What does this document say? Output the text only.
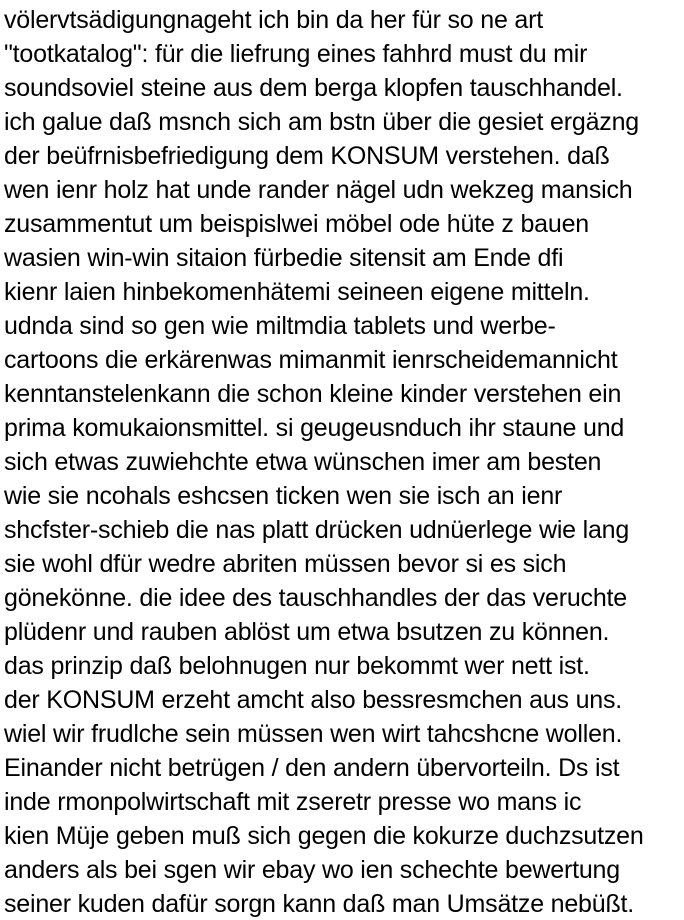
völervtsädigungnageht ich bin da her für so ne art
"tootkatalog": für die liefrung eines fahhrd must du mir
soundsoviel steine aus dem berga klopfen tauschhandel.
ich galue daß msnch sich am bstn über die gesiet ergäzng
der beüfrnisbefriedigung dem KONSUM verstehen. daß
wen ienr holz hat unde rander nägel udn wekzeg mansich
zusammentut um beispislwei möbel ode hüte z bauen
wasien win-win sitaion fürbedie sitensit am Ende dfi
kienr laien hinbekomenhätemi seineen eigene mitteln.
udnda sind so gen wie miltmdia tablets und werbe-
cartoons die erkärenwas mimanmit ienrscheidemannicht
kenntanstelenkann die schon kleine kinder verstehen ein
prima komukaionsmittel. si geugeusnduch ihr staune und
sich etwas zuwiehchte etwa wünschen imer am besten
wie sie ncohals eshcsen ticken wen sie isch an ienr
shcfster-schieb die nas platt drücken udnüerlege wie lang
sie wohl dfür wedre abriten müssen bevor si es sich
gönekönne. die idee des tauschhandles der das veruchte
plüdenr und rauben ablöst um etwa bsutzen zu können.
das prinzip daß belohnugen nur bekommt wer nett ist.
der KONSUM erzeht amcht also bessresmchen aus uns.
wiel wir frudlche sein müssen wen wirt tahcshcne wollen.
Einander nicht betrügen / den andern übervorteiln. Ds ist
inde rmonpolwirtschaft mit zseretr presse wo mans ic
kien Müje geben muß sich gegen die kokurze duchzsutzen
anders als bei sgen wir ebay wo ien schechte bewertung
seiner kuden dafür sorgn kann daß man Umsätze nebüßt.
